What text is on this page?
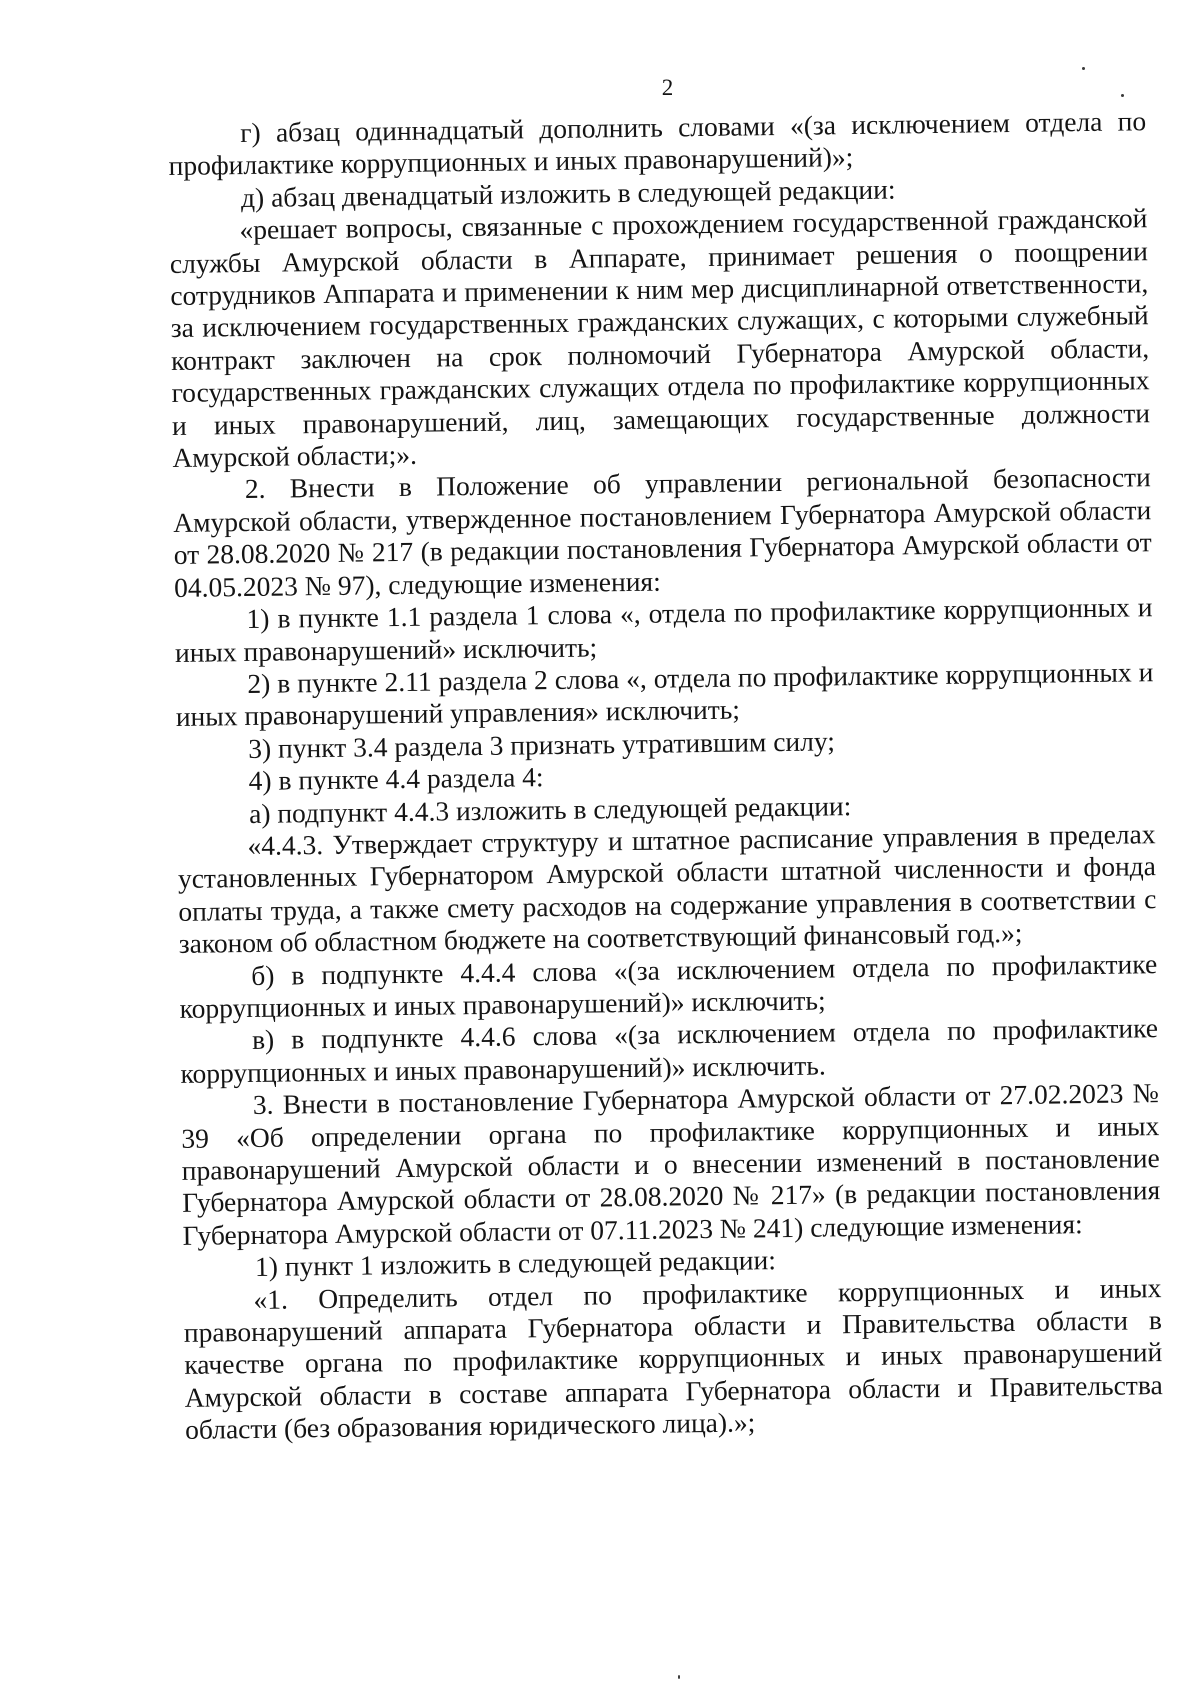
2

г) абзац одиннадцатый дополнить словами «(за исключением отдела по профилактике коррупционных и иных правонарушений)»;

д) абзац двенадцатый изложить в следующей редакции:

«решает вопросы, связанные с прохождением государственной гражданской службы Амурской области в Аппарате, принимает решения о поощрении сотрудников Аппарата и применении к ним мер дисциплинарной ответственности, за исключением государственных гражданских служащих, с которыми служебный контракт заключен на срок полномочий Губернатора Амурской области, государственных гражданских служащих отдела по профилактике коррупционных и иных правонарушений, лиц, замещающих государственные должности Амурской области;».

2. Внести в Положение об управлении региональной безопасности Амурской области, утвержденное постановлением Губернатора Амурской области от 28.08.2020 № 217 (в редакции постановления Губернатора Амурской области от 04.05.2023 № 97), следующие изменения:

1) в пункте 1.1 раздела 1 слова «, отдела по профилактике коррупционных и иных правонарушений» исключить;

2) в пункте 2.11 раздела 2 слова «, отдела по профилактике коррупционных и иных правонарушений управления» исключить;

3) пункт 3.4 раздела 3 признать утратившим силу;

4) в пункте 4.4 раздела 4:

а) подпункт 4.4.3 изложить в следующей редакции:

«4.4.3. Утверждает структуру и штатное расписание управления в пределах установленных Губернатором Амурской области штатной численности и фонда оплаты труда, а также смету расходов на содержание управления в соответствии с законом об областном бюджете на соответствующий финансовый год.»;

б) в подпункте 4.4.4 слова «(за исключением отдела по профилактике коррупционных и иных правонарушений)» исключить;

в) в подпункте 4.4.6 слова «(за исключением отдела по профилактике коррупционных и иных правонарушений)» исключить.

3. Внести в постановление Губернатора Амурской области от 27.02.2023 № 39 «Об определении органа по профилактике коррупционных и иных правонарушений Амурской области и о внесении изменений в постановление Губернатора Амурской области от 28.08.2020 № 217» (в редакции постановления Губернатора Амурской области от 07.11.2023 № 241) следующие изменения:

1) пункт 1 изложить в следующей редакции:

«1. Определить отдел по профилактике коррупционных и иных правонарушений аппарата Губернатора области и Правительства области в качестве органа по профилактике коррупционных и иных правонарушений Амурской области в составе аппарата Губернатора области и Правительства области (без образования юридического лица).»;
